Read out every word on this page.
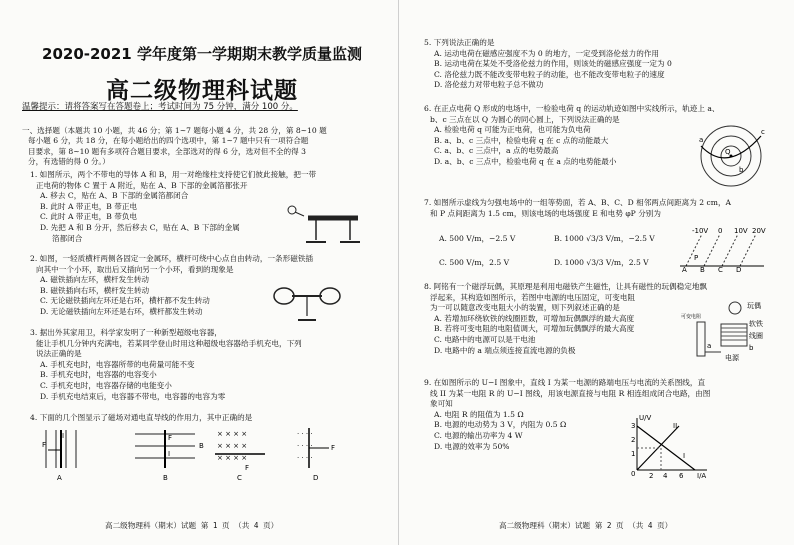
2020-2021 学年度第一学期期末教学质量监测
高二级物理科试题
温馨提示：请将答案写在答题卷上；考试时间为 75 分钟，满分 100 分。
一、选择题（本题共 10 小题，共 46 分；第 1~7 题每小题 4 分，共 28 分，第 8~10 题
每小题 6 分，共 18 分，在每小题给出的四个选项中，第 1~7 题中只有一项符合题
目要求，第 8~10 题有多项符合题目要求，全部选对的得 6 分，选对但不全的得 3
分，有选错的得 0 分。）
1. 如图所示，两个不带电的导体 A 和 B，用一对绝缘柱支持使它们彼此接触，把一带
正电荷的物体 C 置于 A 附近，贴在 A、B 下部的金属箔都张开
A. 移去 C，贴在 A、B 下部的金属箔都闭合
B. 此时 A 带正电，B 带正电
C. 此时 A 带正电，B 带负电
D. 先把 A 和 B 分开，然后移去 C，贴在 A、B 下部的金属
箔都闭合
2. 如图，一轻质横杆两侧各固定一金属环，横杆可绕中心点自由转动，一条形磁铁插
向其中一个小环，取出后又插向另一个小环，看到的现象是
A. 磁铁插向左环，横杆发生转动
B. 磁铁插向右环，横杆发生转动
C. 无论磁铁插向左环还是右环，横杆都不发生转动
D. 无论磁铁插向左环还是右环，横杆都发生转动
3. 据出外其家用卫，科学家发明了一种新型超级电容器，
能让手机几分钟内充满电，若某同学登山时用这种超级电容器给手机充电，下列
说法正确的是
A. 手机充电时，电容器所带的电荷量可能不变
B. 手机充电时，电容器的电容变小
C. 手机充电时，电容器存储的电能变小
D. 手机充电结束后，电容器不带电，电容器的电容为零
4. 下面的几个图显示了磁场对通电直导线的作用力，其中正确的是
F
I
A
F
I
B
B
× × × ×
× × × ×
× × × ×
F
C
· · · ·
· · · ·
· · · ·
F
D
高二级物理科（期末）试题 第 1 页 （共 4 页）
5. 下列说法正确的是
A. 运动电荷在磁感应强度不为 0 的地方，一定受到洛伦兹力的作用
B. 运动电荷在某处不受洛伦兹力的作用，则该处的磁感应强度一定为 0
C. 洛伦兹力既不能改变带电粒子的动能，也不能改变带电粒子的速度
D. 洛伦兹力对带电粒子总不做功
6. 在正点电荷 Q 形成的电场中，一检验电荷 q 的运动轨迹如图中实线所示，轨迹上 a、
b、c 三点在以 Q 为圆心的同心圆上，下列说法正确的是
A. 检验电荷 q 可能为正电荷，也可能为负电荷
B. a、b、c 三点中，检验电荷 q 在 c 点的动能最大
C. a、b、c 三点中，a 点的电势最高
D. a、b、c 三点中，检验电荷 q 在 a 点的电势能最小
Q
a
b
c
7. 如图所示虚线为匀强电场中的一组等势面，若 A、B、C、D 相邻两点间距离为 2 cm，A
和 P 点间距离为 1.5 cm，则该电场的电场强度 E 和电势 φP 分别为
A. 500 V/m，−2.5 V	B. 1000 √3/3 V/m，−2.5 V
C. 500 V/m，2.5 V	D. 1000 √3/3 V/m，2.5 V
-10V 0 10V 20V
A B C D
P
8. 阿铭有一个磁浮玩偶，其原理是利用电磁铁产生磁性，让具有磁性的玩偶稳定地飘
浮起来，其构造如图所示，若图中电源的电压固定，可变电阻
为一可以随意改变电阻大小的装置，则下列叙述正确的是
A. 若增加环绕软铁的线圈匝数，可增加玩偶飘浮的最大高度
B. 若将可变电阻的电阻值调大，可增加玩偶飘浮的最大高度
C. 电路中的电源可以是干电池
D. 电路中的 a 端点须连接直流电源的负极
玩偶
软铁
线圈
电源
可变电阻
a	b
9. 在如图所示的 U−I 图象中，直线 I 为某一电源的路端电压与电流的关系图线，直
线 II 为某一电阻 R 的 U−I 图线，用该电源直接与电阻 R 相连组成闭合电路，由图
象可知
A. 电阻 R 的阻值为 1.5 Ω
B. 电源的电动势为 3 V，内阻为 0.5 Ω
C. 电源的输出功率为 4 W
D. 电源的效率为 50%
U/V
I/A
3
2
1
0 2 4 6
I
II
高二级物理科（期末）试题 第 2 页 （共 4 页）
